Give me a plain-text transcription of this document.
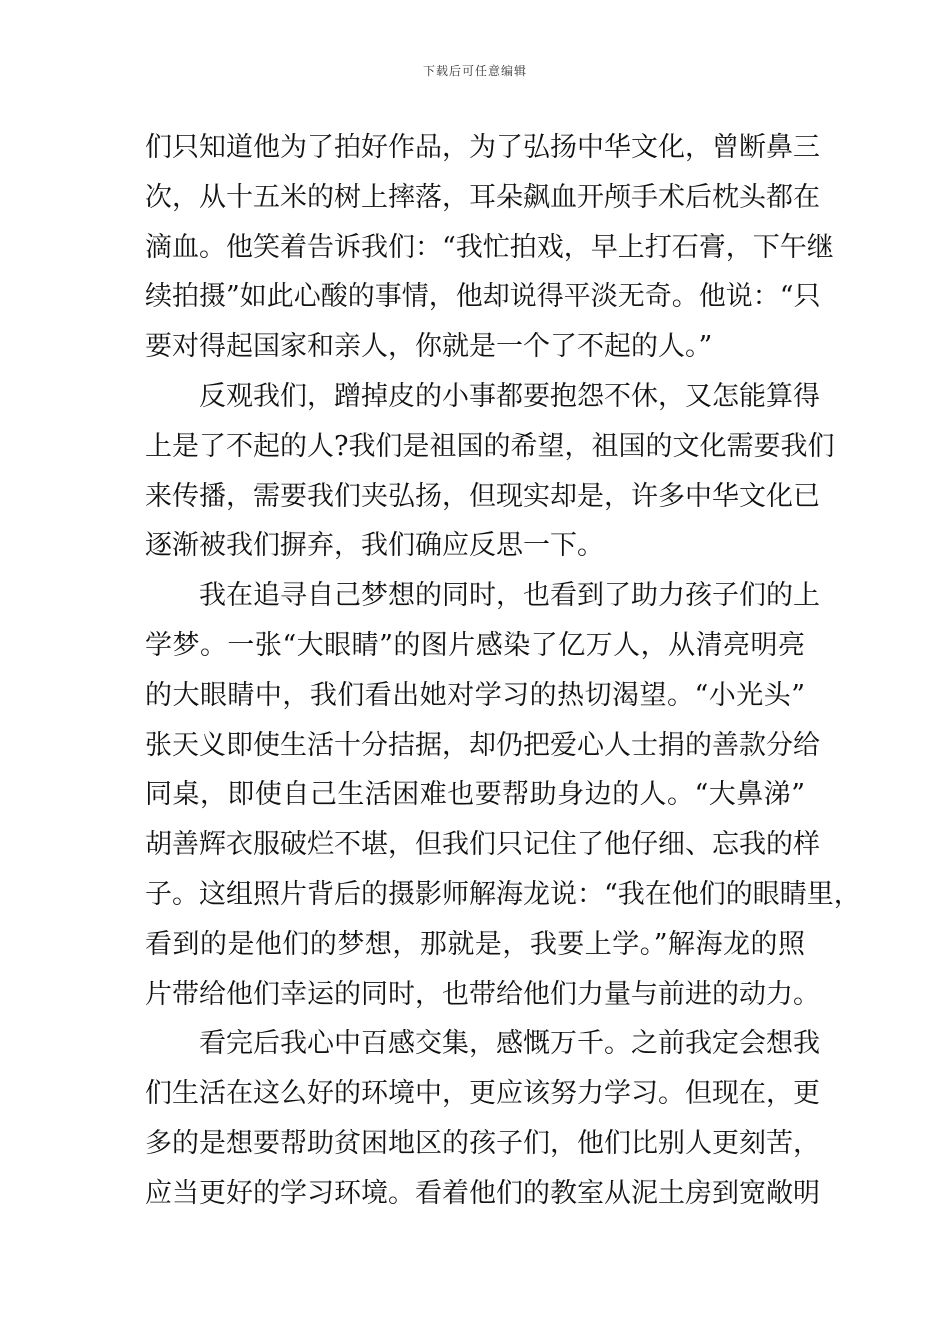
下载后可任意编辑
们只知道他为了拍好作品，为了弘扬中华文化，曾断鼻三
次，从十五米的树上摔落，耳朵飙血开颅手术后枕头都在
滴血。他笑着告诉我们：“我忙拍戏，早上打石膏，下午继
续拍摄”如此心酸的事情，他却说得平淡无奇。他说：“只
要对得起国家和亲人，你就是一个了不起的人。”
反观我们，蹭掉皮的小事都要抱怨不休，又怎能算得
上是了不起的人?我们是祖国的希望，祖国的文化需要我们
来传播，需要我们夹弘扬，但现实却是，许多中华文化已
逐渐被我们摒弃，我们确应反思一下。
我在追寻自己梦想的同时，也看到了助力孩子们的上
学梦。一张“大眼睛”的图片感染了亿万人，从清亮明亮
的大眼睛中，我们看出她对学习的热切渴望。“小光头”
张天义即使生活十分拮据，却仍把爱心人士捐的善款分给
同桌，即使自己生活困难也要帮助身边的人。“大鼻涕”
胡善辉衣服破烂不堪，但我们只记住了他仔细、忘我的样
子。这组照片背后的摄影师解海龙说：“我在他们的眼睛里，
看到的是他们的梦想，那就是，我要上学。”解海龙的照
片带给他们幸运的同时，也带给他们力量与前进的动力。
看完后我心中百感交集，感慨万千。之前我定会想我
们生活在这么好的环境中，更应该努力学习。但现在，更
多的是想要帮助贫困地区的孩子们，他们比别人更刻苦，
应当更好的学习环境。看着他们的教室从泥土房到宽敞明
